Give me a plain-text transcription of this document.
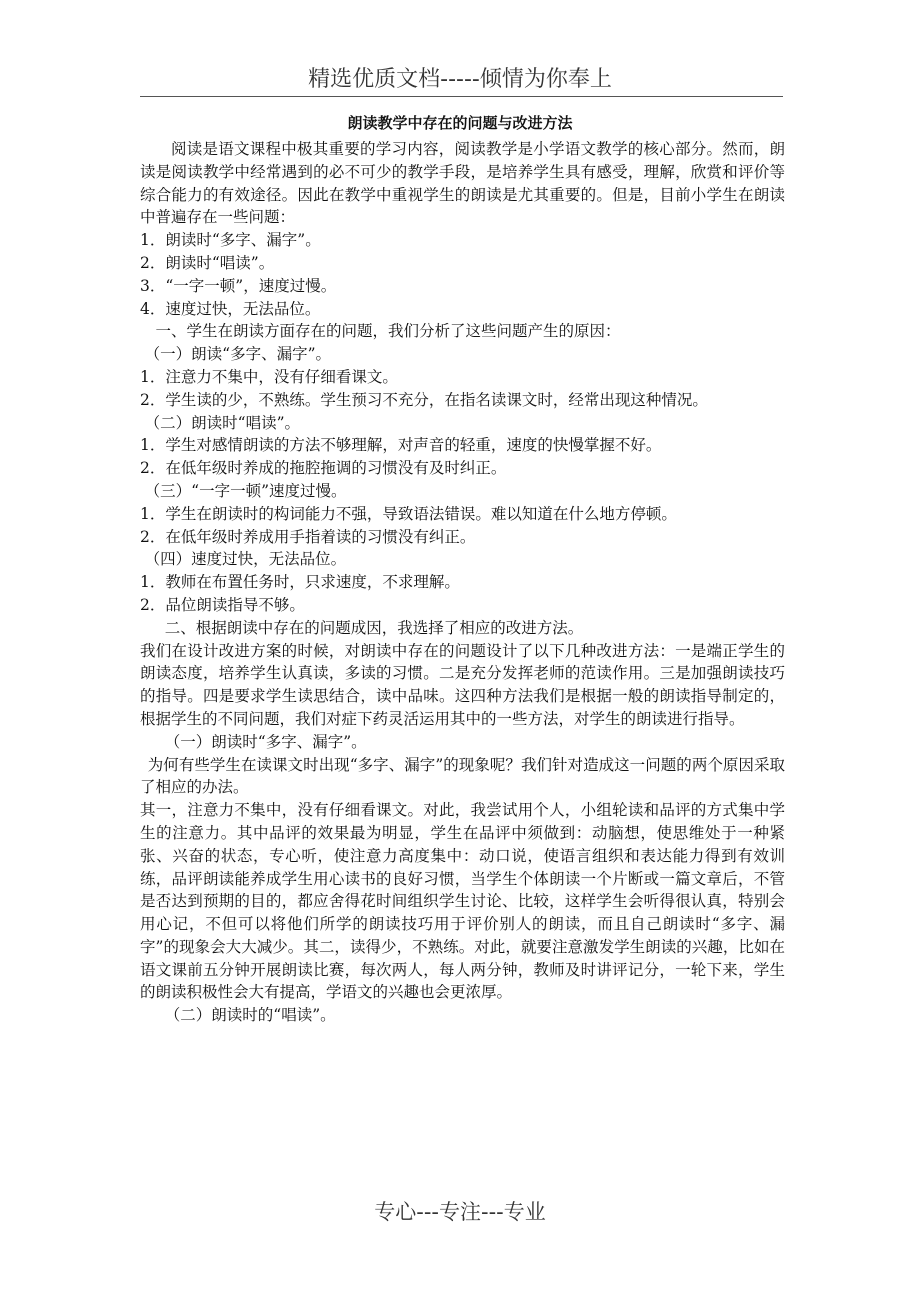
精选优质文档-----倾情为你奉上
朗读教学中存在的问题与改进方法

阅读是语文课程中极其重要的学习内容，阅读教学是小学语文教学的核心部分。然而，朗读是阅读教学中经常遇到的必不可少的教学手段，是培养学生具有感受，理解，欣赏和评价等综合能力的有效途径。因此在教学中重视学生的朗读是尤其重要的。但是，目前小学生在朗读中普遍存在一些问题：

1．朗读时“多字、漏字”。

2．朗读时“唱读”。

3．“一字一顿”，速度过慢。

4．速度过快，无法品位。

一、学生在朗读方面存在的问题，我们分析了这些问题产生的原因：

（一）朗读“多字、漏字”。

1．注意力不集中，没有仔细看课文。

2．学生读的少，不熟练。学生预习不充分，在指名读课文时，经常出现这种情况。

（二）朗读时“唱读”。

1．学生对感情朗读的方法不够理解，对声音的轻重，速度的快慢掌握不好。

2．在低年级时养成的拖腔拖调的习惯没有及时纠正。

（三）“一字一顿”速度过慢。

1．学生在朗读时的构词能力不强，导致语法错误。难以知道在什么地方停顿。

2．在低年级时养成用手指着读的习惯没有纠正。

（四）速度过快，无法品位。

1．教师在布置任务时，只求速度，不求理解。

2．品位朗读指导不够。

二、根据朗读中存在的问题成因，我选择了相应的改进方法。

我们在设计改进方案的时候，对朗读中存在的问题设计了以下几种改进方法：一是端正学生的朗读态度，培养学生认真读，多读的习惯。二是充分发挥老师的范读作用。三是加强朗读技巧的指导。四是要求学生读思结合，读中品味。这四种方法我们是根据一般的朗读指导制定的，根据学生的不同问题，我们对症下药灵活运用其中的一些方法，对学生的朗读进行指导。

（一）朗读时“多字、漏字”。

为何有些学生在读课文时出现“多字、漏字”的现象呢？我们针对造成这一问题的两个原因采取了相应的办法。

其一，注意力不集中，没有仔细看课文。对此，我尝试用个人，小组轮读和品评的方式集中学生的注意力。其中品评的效果最为明显，学生在品评中须做到：动脑想，使思维处于一种紧张、兴奋的状态，专心听，使注意力高度集中：动口说，使语言组织和表达能力得到有效训练，品评朗读能养成学生用心读书的良好习惯，当学生个体朗读一个片断或一篇文章后，不管是否达到预期的目的，都应舍得花时间组织学生讨论、比较，这样学生会听得很认真，特别会用心记，不但可以将他们所学的朗读技巧用于评价别人的朗读，而且自己朗读时“多字、漏字”的现象会大大减少。其二，读得少，不熟练。对此，就要注意激发学生朗读的兴趣，比如在语文课前五分钟开展朗读比赛，每次两人，每人两分钟，教师及时讲评记分，一轮下来，学生的朗读积极性会大有提高，学语文的兴趣也会更浓厚。

（二）朗读时的“唱读”。

专心---专注---专业
